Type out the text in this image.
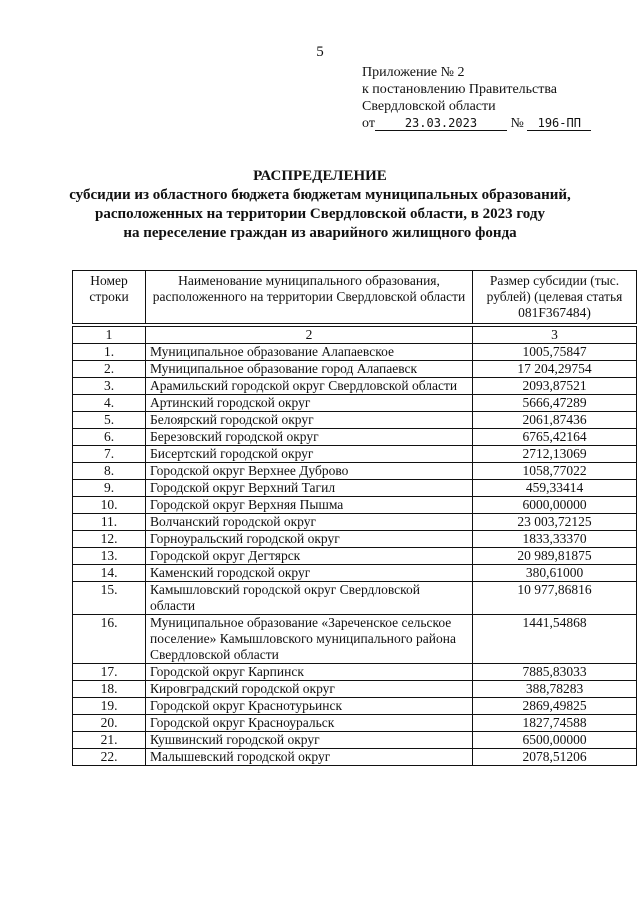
5
Приложение № 2
к постановлению Правительства
Свердловской области
от 23.03.2023 № 196-ПП
РАСПРЕДЕЛЕНИЕ
субсидии из областного бюджета бюджетам муниципальных образований,
расположенных на территории Свердловской области, в 2023 году
на переселение граждан из аварийного жилищного фонда
Номер строки	Наименование муниципального образования, расположенного на территории Свердловской области	Размер субсидии (тыс. рублей) (целевая статья 081F367484)

1	2	3
1.	Муниципальное образование Алапаевское	1005,75847
2.	Муниципальное образование город Алапаевск	17 204,29754
3.	Арамильский городской округ Свердловской области	2093,87521
4.	Артинский городской округ	5666,47289
5.	Белоярский городской округ	2061,87436
6.	Березовский городской округ	6765,42164
7.	Бисертский городской округ	2712,13069
8.	Городской округ Верхнее Дуброво	1058,77022
9.	Городской округ Верхний Тагил	459,33414
10.	Городской округ Верхняя Пышма	6000,00000
11.	Волчанский городской округ	23 003,72125
12.	Горноуральский городской округ	1833,33370
13.	Городской округ Дегтярск	20 989,81875
14.	Каменский городской округ	380,61000
15.	Камышловский городской округ Свердловской области	10 977,86816
16.	Муниципальное образование «Зареченское сельское поселение» Камышловского муниципального района Свердловской области	1441,54868
17.	Городской округ Карпинск	7885,83033
18.	Кировградский городской округ	388,78283
19.	Городской округ Краснотурьинск	2869,49825
20.	Городской округ Красноуральск	1827,74588
21.	Кушвинский городской округ	6500,00000
22.	Малышевский городской округ	2078,51206
